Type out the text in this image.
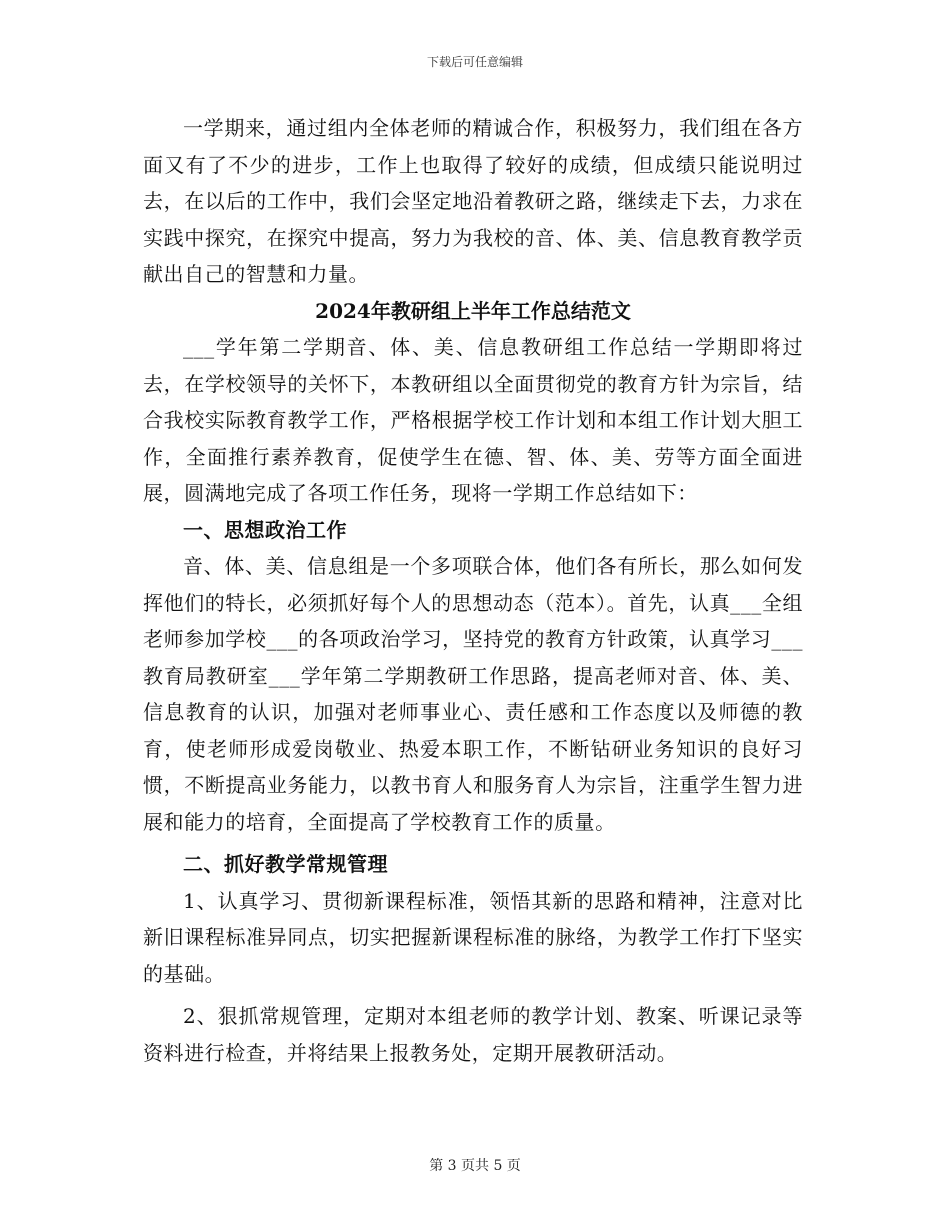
下载后可任意编辑

一学期来，通过组内全体老师的精诚合作，积极努力，我们组在各方面又有了不少的进步，工作上也取得了较好的成绩，但成绩只能说明过去，在以后的工作中，我们会坚定地沿着教研之路，继续走下去，力求在实践中探究，在探究中提高，努力为我校的音、体、美、信息教育教学贡献出自己的智慧和力量。

2024年教研组上半年工作总结范文

___学年第二学期音、体、美、信息教研组工作总结一学期即将过去，在学校领导的关怀下，本教研组以全面贯彻党的教育方针为宗旨，结合我校实际教育教学工作，严格根据学校工作计划和本组工作计划大胆工作，全面推行素养教育，促使学生在德、智、体、美、劳等方面全面进展，圆满地完成了各项工作任务，现将一学期工作总结如下：

一、思想政治工作

音、体、美、信息组是一个多项联合体，他们各有所长，那么如何发挥他们的特长，必须抓好每个人的思想动态（范本）。首先，认真___全组老师参加学校___的各项政治学习，坚持党的教育方针政策，认真学习___教育局教研室___学年第二学期教研工作思路，提高老师对音、体、美、信息教育的认识，加强对老师事业心、责任感和工作态度以及师德的教育，使老师形成爱岗敬业、热爱本职工作，不断钻研业务知识的良好习惯，不断提高业务能力，以教书育人和服务育人为宗旨，注重学生智力进展和能力的培育，全面提高了学校教育工作的质量。

二、抓好教学常规管理

1、认真学习、贯彻新课程标准，领悟其新的思路和精神，注意对比新旧课程标准异同点，切实把握新课程标准的脉络，为教学工作打下坚实的基础。

2、狠抓常规管理，定期对本组老师的教学计划、教案、听课记录等资料进行检查，并将结果上报教务处，定期开展教研活动。

第 3 页共 5 页
